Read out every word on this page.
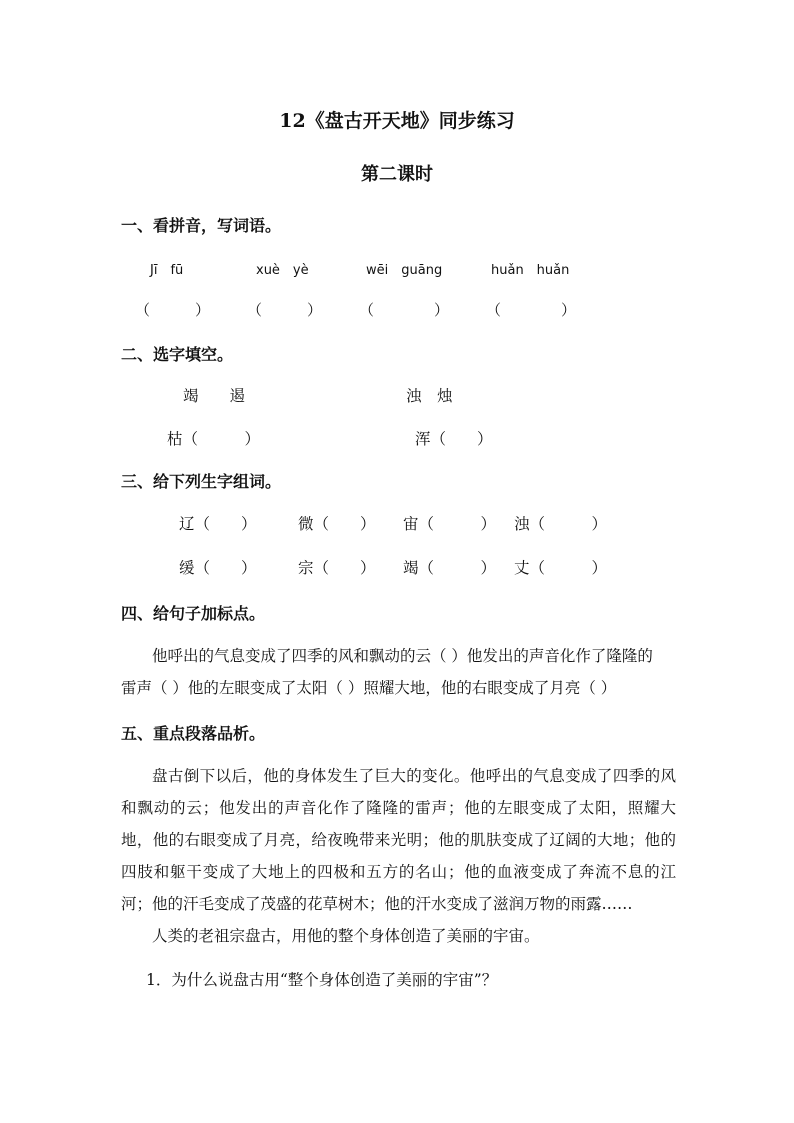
12《盘古开天地》同步练习
第二课时
一、看拼音，写词语。
Jī　fū	xuè　yè	wēi　guāng	huǎn　huǎn
（　　　） （　　　） （　　　　） （　　　　）
二、选字填空。
竭　　遏	浊　烛
枯（　　　）	浑（　　）
三、给下列生字组词。
辽（　　）	微（　　） 宙（　　　） 浊（　　　）
缓（　　）	宗（　　） 竭（　　　） 丈（　　　）
四、给句子加标点。

他呼出的气息变成了四季的风和飘动的云（ ）他发出的声音化作了隆隆的

雷声（ ）他的左眼变成了太阳（ ）照耀大地，他的右眼变成了月亮（ ）

五、重点段落品析。

盘古倒下以后，他的身体发生了巨大的变化。他呼出的气息变成了四季的风和飘动的云；他发出的声音化作了隆隆的雷声；他的左眼变成了太阳，照耀大地，他的右眼变成了月亮，给夜晚带来光明；他的肌肤变成了辽阔的大地；他的四肢和躯干变成了大地上的四极和五方的名山；他的血液变成了奔流不息的江河；他的汗毛变成了茂盛的花草树木；他的汗水变成了滋润万物的雨露……

人类的老祖宗盘古，用他的整个身体创造了美丽的宇宙。

1．为什么说盘古用“整个身体创造了美丽的宇宙”？
